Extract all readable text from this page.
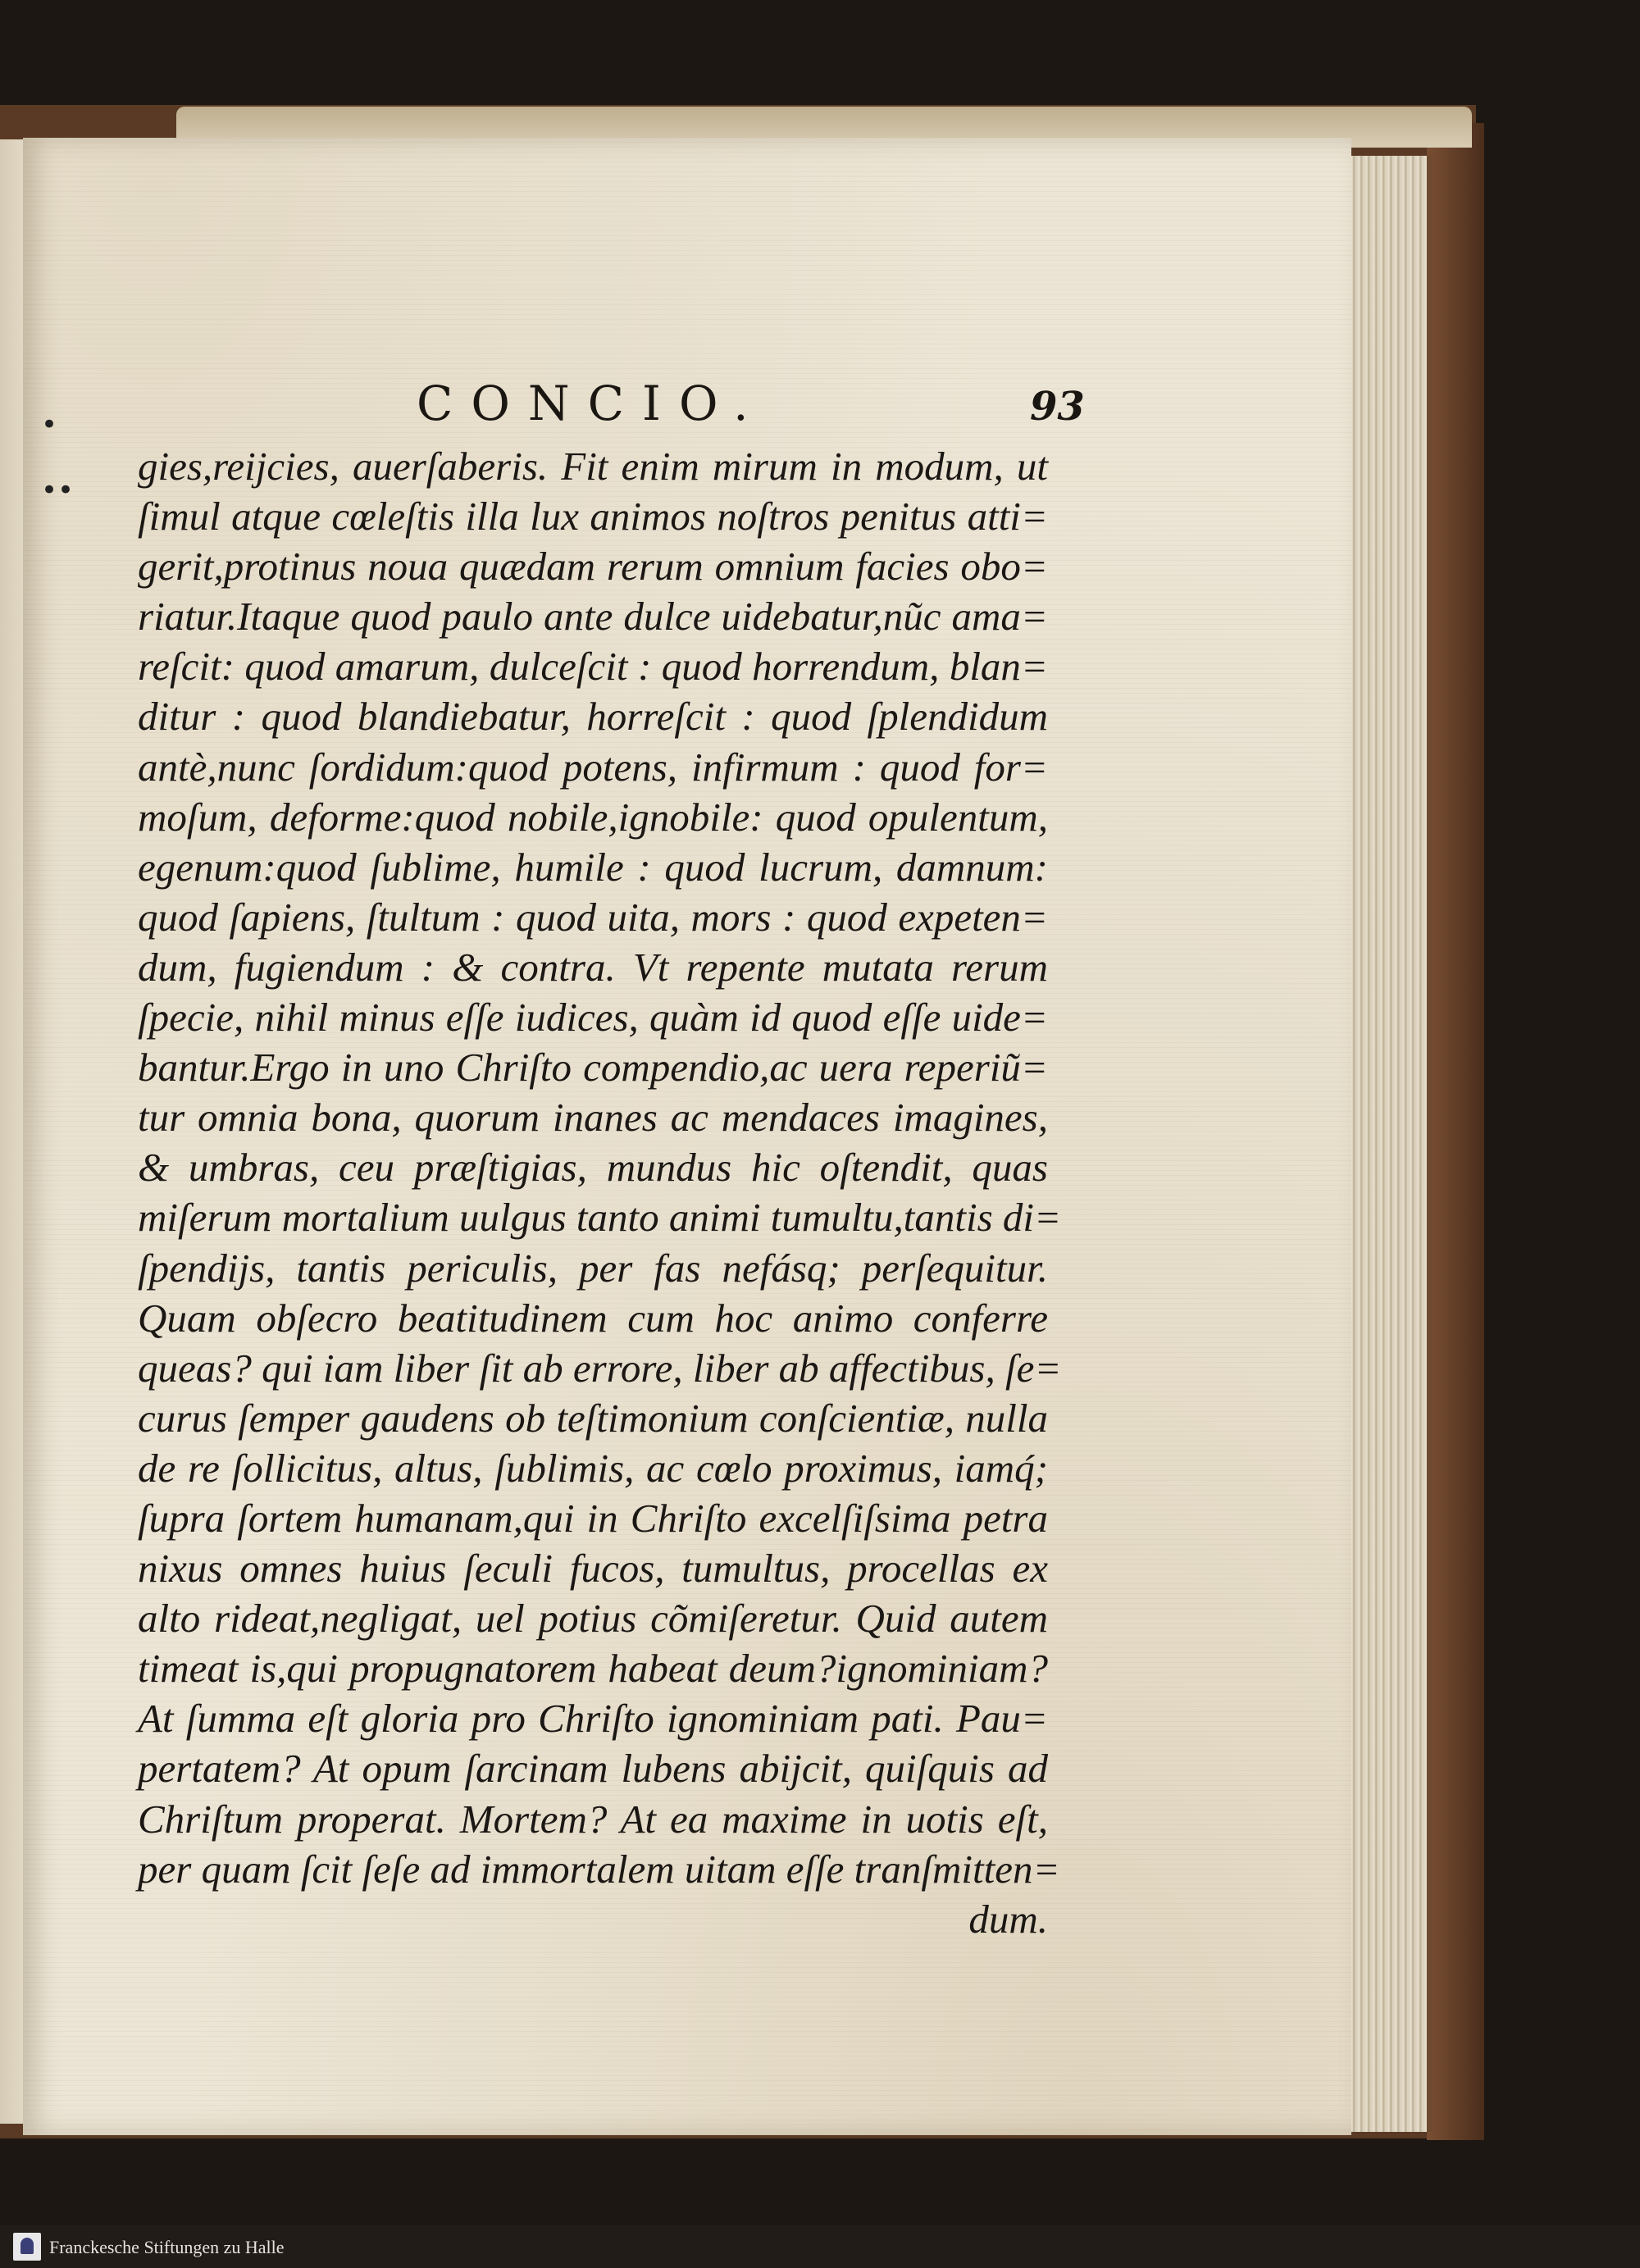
•

••
CONCIO.	93
gies,reijcies, auerſaberis. Fit enim mirum in modum, ut
ſimul atque cœleſtis illa lux animos noſtros penitus atti=
gerit,protinus noua quædam rerum omnium facies obo=
riatur.Itaque quod paulo ante dulce uidebatur,nũc ama=
reſcit: quod amarum, dulceſcit : quod horrendum, blan=
ditur : quod blandiebatur, horreſcit : quod ſplendidum
antè,nunc ſordidum:quod potens, infirmum : quod for=
moſum, deforme:quod nobile,ignobile: quod opulentum,
egenum:quod ſublime, humile : quod lucrum, damnum:
quod ſapiens, ſtultum : quod uita, mors : quod expeten=
dum, fugiendum : & contra. Vt repente mutata rerum
ſpecie, nihil minus eſſe iudices, quàm id quod eſſe uide=
bantur.Ergo in uno Chriſto compendio,ac uera reperiũ=
tur omnia bona, quorum inanes ac mendaces imagines,
& umbras, ceu præſtigias, mundus hic oſtendit, quas
miſerum mortalium uulgus tanto animi tumultu,tantis di=
ſpendijs, tantis periculis, per fas nefásq; perſequitur.
Quam obſecro beatitudinem cum hoc animo conferre
queas? qui iam liber ſit ab errore, liber ab affectibus, ſe=
curus ſemper gaudens ob teſtimonium conſcientiæ, nulla
de re ſollicitus, altus, ſublimis, ac cœlo proximus, iamq́;
ſupra ſortem humanam,qui in Chriſto excelſiſsima petra
nixus omnes huius ſeculi fucos, tumultus, procellas ex
alto rideat,negligat, uel potius cõmiſeretur. Quid autem
timeat is,qui propugnatorem habeat deum?ignominiam?
At ſumma eſt gloria pro Chriſto ignominiam pati. Pau=
pertatem? At opum ſarcinam lubens abijcit, quiſquis ad
Chriſtum properat. Mortem? At ea maxime in uotis eſt,
per quam ſcit ſeſe ad immortalem uitam eſſe tranſmitten=
dum.
Franckesche Stiftungen zu Halle
